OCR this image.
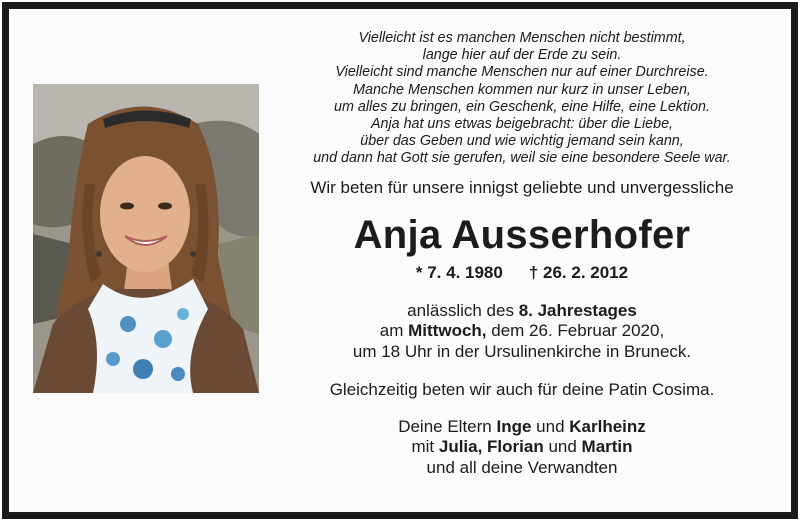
Vielleicht ist es manchen Menschen nicht bestimmt,
lange hier auf der Erde zu sein.
Vielleicht sind manche Menschen nur auf einer Durchreise.
Manche Menschen kommen nur kurz in unser Leben,
um alles zu bringen, ein Geschenk, eine Hilfe, eine Lektion.
Anja hat uns etwas beigebracht: über die Liebe,
über das Geben und wie wichtig jemand sein kann,
und dann hat Gott sie gerufen, weil sie eine besondere Seele war.
Wir beten für unsere innigst geliebte und unvergessliche
Anja Ausserhofer
* 7. 4. 1980 † 26. 2. 2012
anlässlich des 8. Jahrestages
am Mittwoch, dem 26. Februar 2020,
um 18 Uhr in der Ursulinenkirche in Bruneck.
Gleichzeitig beten wir auch für deine Patin Cosima.
Deine Eltern Inge und Karlheinz
mit Julia, Florian und Martin
und all deine Verwandten
